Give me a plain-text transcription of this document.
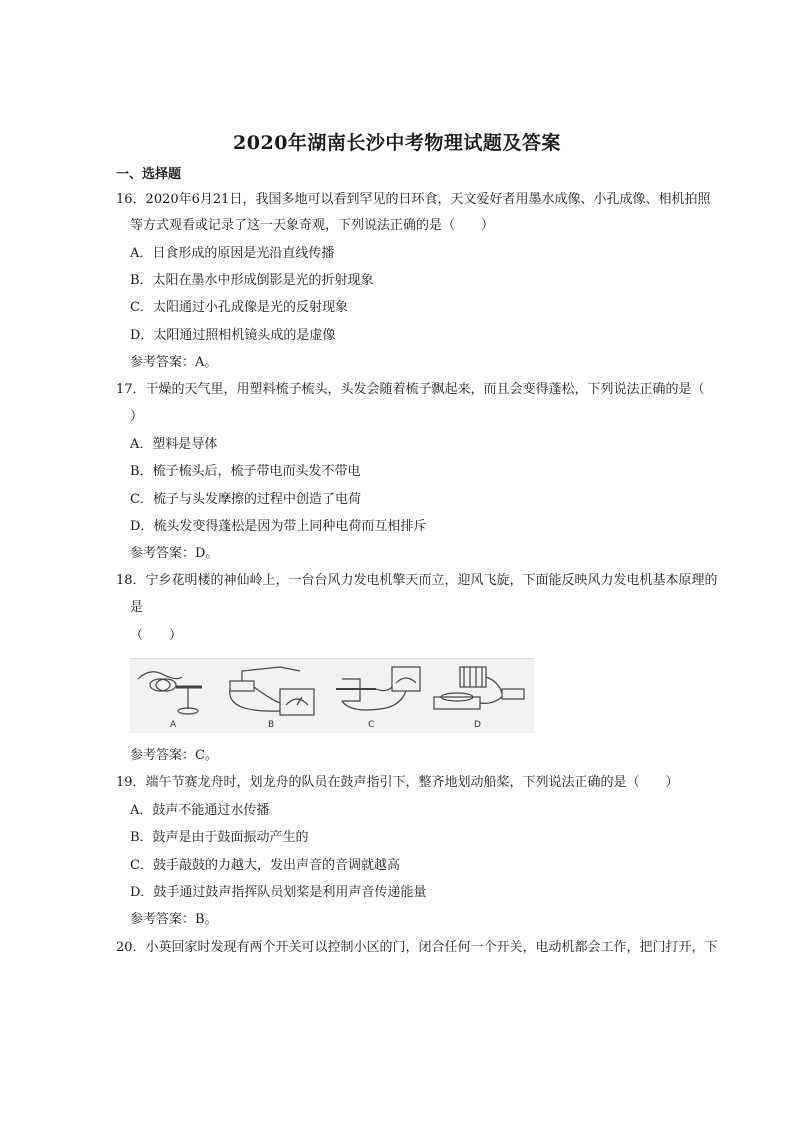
2020年湖南长沙中考物理试题及答案
一、选择题
16．2020年6月21日，我国多地可以看到罕见的日环食，天文爱好者用墨水成像、小孔成像、相机拍照
等方式观看或记录了这一天象奇观，下列说法正确的是（　　）
A．日食形成的原因是光沿直线传播
B．太阳在墨水中形成倒影是光的折射现象
C．太阳通过小孔成像是光的反射现象
D．太阳通过照相机镜头成的是虚像
参考答案：A。
17．干燥的天气里，用塑料梳子梳头，头发会随着梳子飘起来，而且会变得蓬松，下列说法正确的是（
）
A．塑料是导体
B．梳子梳头后，梳子带电而头发不带电
C．梳子与头发摩擦的过程中创造了电荷
D．梳头发变得蓬松是因为带上同种电荷而互相排斥
参考答案：D。
18．宁乡花明楼的神仙岭上，一台台风力发电机擎天而立，迎风飞旋，下面能反映风力发电机基本原理的
是
（　　）
A	B	C	D
参考答案：C。
19．端午节赛龙舟时，划龙舟的队员在鼓声指引下，整齐地划动船桨，下列说法正确的是（　　）
A．鼓声不能通过水传播
B．鼓声是由于鼓面振动产生的
C．鼓手敲鼓的力越大，发出声音的音调就越高
D．鼓手通过鼓声指挥队员划桨是利用声音传递能量
参考答案：B。
20．小英回家时发现有两个开关可以控制小区的门，闭合任何一个开关，电动机都会工作，把门打开，下
